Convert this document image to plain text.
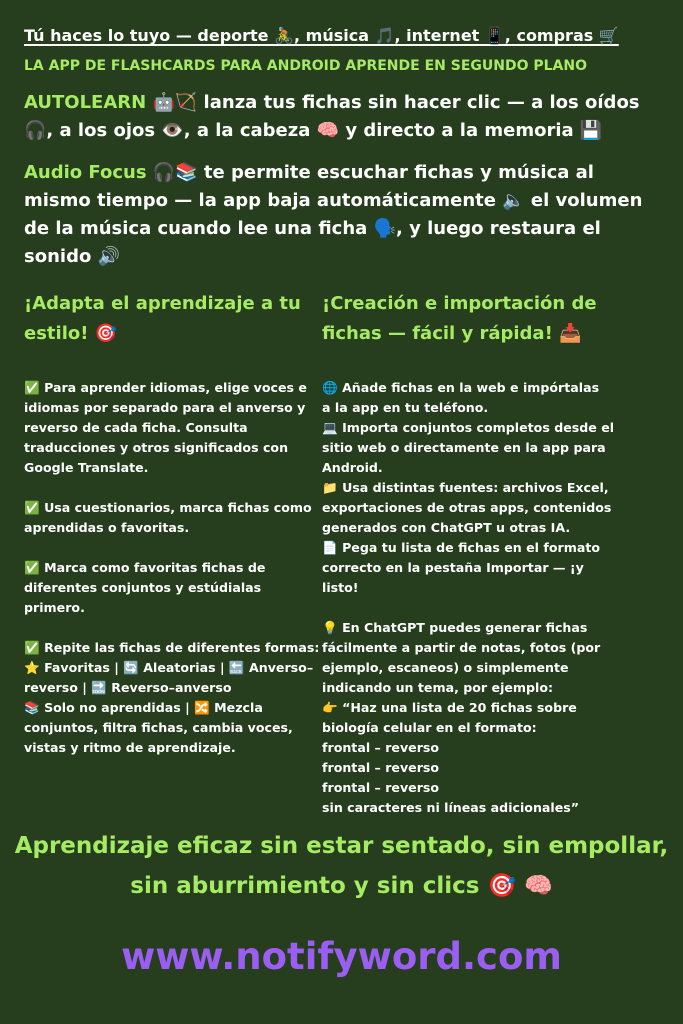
Tú haces lo tuyo — deporte 🚴, música 🎵, internet 📱, compras 🛒
LA APP DE FLASHCARDS PARA ANDROID APRENDE EN SEGUNDO PLANO
AUTOLEARN 🤖🏹 lanza tus fichas sin hacer clic — a los oídos 🎧, a los ojos 👁️, a la cabeza 🧠 y directo a la memoria 💾
Audio Focus 🎧📚 te permite escuchar fichas y música al mismo tiempo — la app baja automáticamente 🔈 el volumen de la música cuando lee una ficha 🗣️, y luego restaura el sonido 🔊
¡Adapta el aprendizaje a tu estilo! 🎯

✅ Para aprender idiomas, elige voces e idiomas por separado para el anverso y reverso de cada ficha. Consulta traducciones y otros significados con Google Translate.

✅ Usa cuestionarios, marca fichas como aprendidas o favoritas.

✅ Marca como favoritas fichas de diferentes conjuntos y estúdialas primero.

✅ Repite las fichas de diferentes formas:
⭐ Favoritas | 🔄 Aleatorias | 🔙 Anverso–reverso | 🔜 Reverso–anverso
📚 Solo no aprendidas | 🔀 Mezcla conjuntos, filtra fichas, cambia voces, vistas y ritmo de aprendizaje.

¡Creación e importación de fichas — fácil y rápida! 📥

🌐 Añade fichas en la web e impórtalas
a la app en tu teléfono.
💻 Importa conjuntos completos desde el sitio web o directamente en la app para Android.
📁 Usa distintas fuentes: archivos Excel, exportaciones de otras apps, contenidos generados con ChatGPT u otras IA.
📄 Pega tu lista de fichas en el formato correcto en la pestaña Importar — ¡y listo!

💡 En ChatGPT puedes generar fichas fácilmente a partir de notas, fotos (por ejemplo, escaneos) o simplemente indicando un tema, por ejemplo:
👉 “Haz una lista de 20 fichas sobre biología celular en el formato:
frontal – reverso
frontal – reverso
frontal – reverso
sin caracteres ni líneas adicionales”

Aprendizaje eficaz sin estar sentado, sin empollar, sin aburrimiento y sin clics 🎯 🧠
www.notifyword.com
